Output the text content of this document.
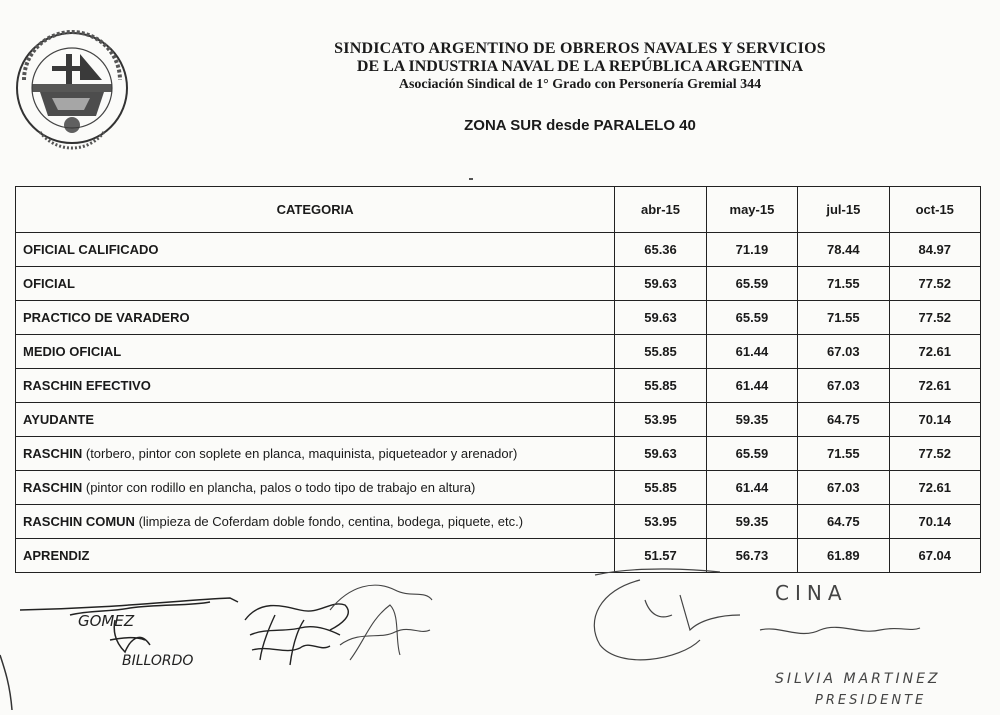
SINDICATO ARGENTINO DE OBREROS NAVALES Y SERVICIOS
DE LA INDUSTRIA NAVAL DE LA REPÚBLICA ARGENTINA
Asociación Sindical de 1° Grado con Personería Gremial 344
ZONA SUR desde PARALELO 40
CATEGORIA	abr-15	may-15	jul-15	oct-15
OFICIAL CALIFICADO	65.36	71.19	78.44	84.97
OFICIAL	59.63	65.59	71.55	77.52
PRACTICO DE VARADERO	59.63	65.59	71.55	77.52
MEDIO OFICIAL	55.85	61.44	67.03	72.61
RASCHIN EFECTIVO	55.85	61.44	67.03	72.61
AYUDANTE	53.95	59.35	64.75	70.14
RASCHIN (torbero, pintor con soplete en planca, maquinista, piqueteador y arenador)	59.63	65.59	71.55	77.52
RASCHIN (pintor con rodillo en plancha, palos o todo tipo de trabajo en altura)	55.85	61.44	67.03	72.61
RASCHIN COMUN (limpieza de Coferdam doble fondo, centina, bodega, piquete, etc.)	53.95	59.35	64.75	70.14
APRENDIZ	51.57	56.73	61.89	67.04
GOMEZ
BILLORDO
CINA
SILVIA MARTINEZ
PRESIDENTE
